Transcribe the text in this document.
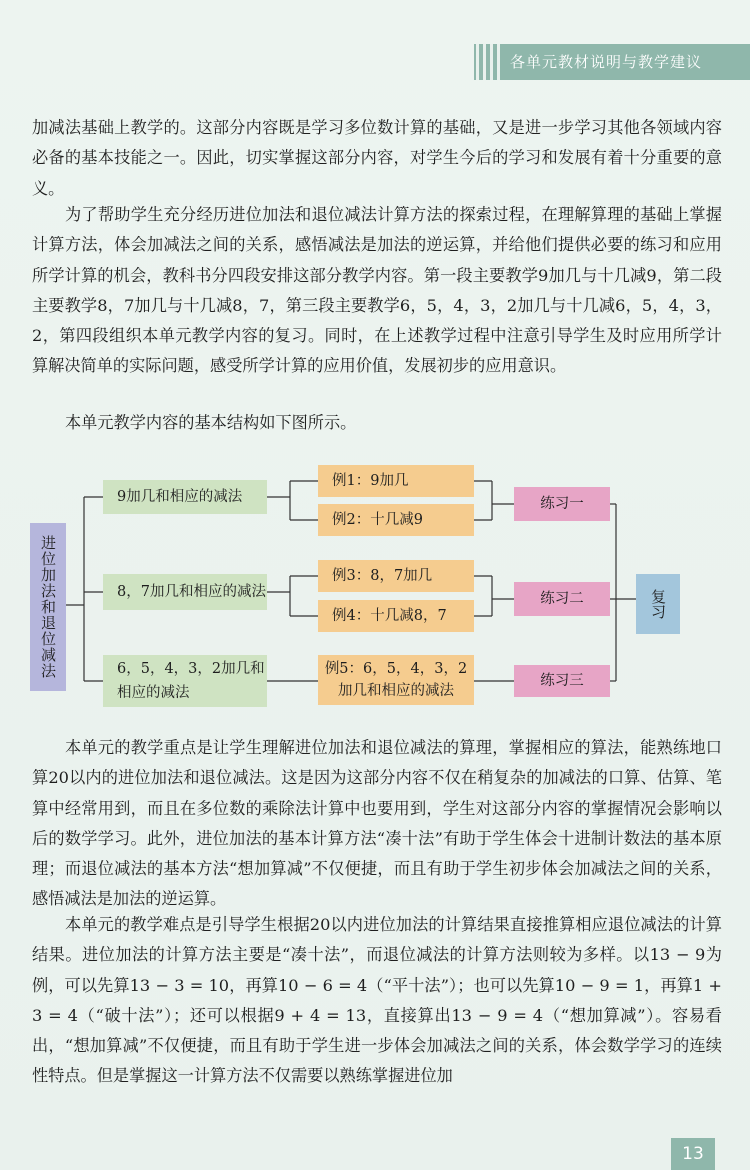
各单元教材说明与教学建议

加减法基础上教学的。这部分内容既是学习多位数计算的基础，又是进一步学习其他各领域内容必备的基本技能之一。因此，切实掌握这部分内容，对学生今后的学习和发展有着十分重要的意义。

为了帮助学生充分经历进位加法和退位减法计算方法的探索过程，在理解算理的基础上掌握计算方法，体会加减法之间的关系，感悟减法是加法的逆运算，并给他们提供必要的练习和应用所学计算的机会，教科书分四段安排这部分教学内容。第一段主要教学9加几与十几减9，第二段主要教学8，7加几与十几减8，7，第三段主要教学6，5，4，3，2加几与十几减6，5，4，3，2，第四段组织本单元教学内容的复习。同时，在上述教学过程中注意引导学生及时应用所学计算解决简单的实际问题，感受所学计算的应用价值，发展初步的应用意识。

本单元教学内容的基本结构如下图所示。

进位加法和退位减法
9加几和相应的减法
8，7加几和相应的减法
6，5，4，3，2加几和相应的减法
例1：9加几
例2：十几减9
例3：8，7加几
例4：十几减8，7
例5：6，5，4，3，2加几和相应的减法
练习一
练习二
练习三
复习

本单元的教学重点是让学生理解进位加法和退位减法的算理，掌握相应的算法，能熟练地口算20以内的进位加法和退位减法。这是因为这部分内容不仅在稍复杂的加减法的口算、估算、笔算中经常用到，而且在多位数的乘除法计算中也要用到，学生对这部分内容的掌握情况会影响以后的数学学习。此外，进位加法的基本计算方法“凑十法”有助于学生体会十进制计数法的基本原理；而退位减法的基本方法“想加算减”不仅便捷，而且有助于学生初步体会加减法之间的关系，感悟减法是加法的逆运算。

本单元的教学难点是引导学生根据20以内进位加法的计算结果直接推算相应退位减法的计算结果。进位加法的计算方法主要是“凑十法”，而退位减法的计算方法则较为多样。以13 − 9为例，可以先算13 − 3 = 10，再算10 − 6 = 4（“平十法”）；也可以先算10 − 9 = 1，再算1 + 3 = 4（“破十法”）；还可以根据9 + 4 = 13，直接算出13 − 9 = 4（“想加算减”）。容易看出，“想加算减”不仅便捷，而且有助于学生进一步体会加减法之间的关系，体会数学学习的连续性特点。但是掌握这一计算方法不仅需要以熟练掌握进位加

13
